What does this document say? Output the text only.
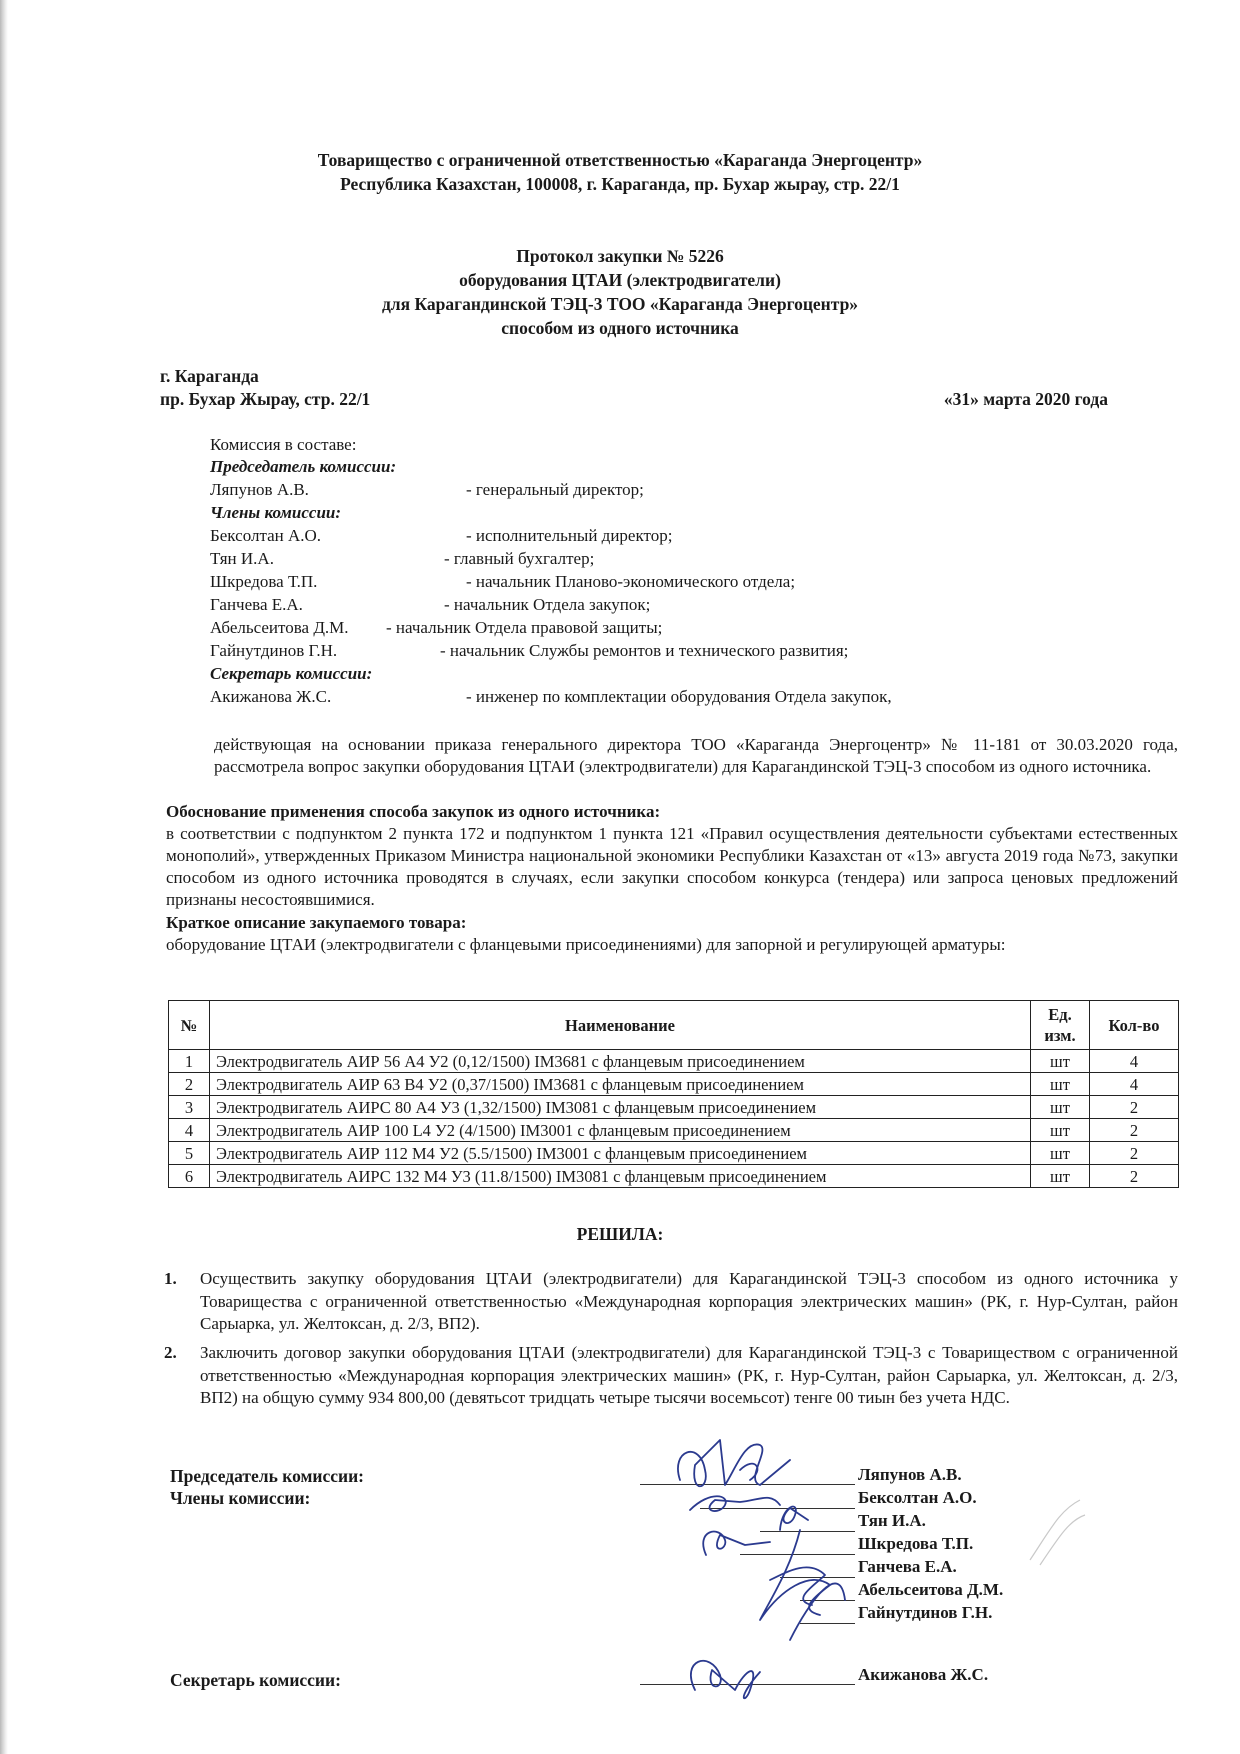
Товарищество с ограниченной ответственностью «Караганда Энергоцентр»
Республика Казахстан, 100008, г. Караганда, пр. Бухар жырау, стр. 22/1
Протокол закупки № 5226
оборудования ЦТАИ (электродвигатели)
для Карагандинской ТЭЦ-3 ТОО «Караганда Энергоцентр»
способом из одного источника
г. Караганда
пр. Бухар Жырау, стр. 22/1	«31» марта 2020 года
Комиссия в составе:
Председатель комиссии:
Ляпунов А.В.	- генеральный директор;
Члены комиссии:
Бексолтан А.О.	- исполнительный директор;
Тян И.А.	- главный бухгалтер;
Шкредова Т.П.	- начальник Планово-экономического отдела;
Ганчева Е.А.	- начальник Отдела закупок;
Абельсеитова Д.М. - начальник Отдела правовой защиты;
Гайнутдинов Г.Н.	- начальник Службы ремонтов и технического развития;
Секретарь комиссии:
Акижанова Ж.С.	- инженер по комплектации оборудования Отдела закупок,
действующая на основании приказа генерального директора ТОО «Караганда Энергоцентр» № 11-181 от 30.03.2020 года, рассмотрела вопрос закупки оборудования ЦТАИ (электродвигатели) для Карагандинской ТЭЦ-3 способом из одного источника.
Обоснование применения способа закупок из одного источника:
в соответствии с подпунктом 2 пункта 172 и подпунктом 1 пункта 121 «Правил осуществления деятельности субъектами естественных монополий», утвержденных Приказом Министра национальной экономики Республики Казахстан от «13» августа 2019 года №73, закупки способом из одного источника проводятся в случаях, если закупки способом конкурса (тендера) или запроса ценовых предложений признаны несостоявшимися.
Краткое описание закупаемого товара:
оборудование ЦТАИ (электродвигатели с фланцевыми присоединениями) для запорной и регулирующей арматуры:
№	Наименование	Ед. изм.	Кол-во
1	Электродвигатель АИР 56 А4 У2 (0,12/1500) IM3681 с фланцевым присоединением	шт	4
2	Электродвигатель АИР 63 В4 У2 (0,37/1500) IM3681 с фланцевым присоединением	шт	4
3	Электродвигатель АИРС 80 А4 У3 (1,32/1500) IM3081 с фланцевым присоединением	шт	2
4	Электродвигатель АИР 100 L4 У2 (4/1500) IM3001 с фланцевым присоединением	шт	2
5	Электродвигатель АИР 112 М4 У2 (5.5/1500) IM3001 с фланцевым присоединением	шт	2
6	Электродвигатель АИРС 132 М4 У3 (11.8/1500) IM3081 с фланцевым присоединением	шт	2
РЕШИЛА:
1. Осуществить закупку оборудования ЦТАИ (электродвигатели) для Карагандинской ТЭЦ-3 способом из одного источника у Товарищества с ограниченной ответственностью «Международная корпорация электрических машин» (РК, г. Нур-Султан, район Сарыарка, ул. Желтоксан, д. 2/3, ВП2).
2. Заключить договор закупки оборудования ЦТАИ (электродвигатели) для Карагандинской ТЭЦ-3 с Товариществом с ограниченной ответственностью «Международная корпорация электрических машин» (РК, г. Нур-Султан, район Сарыарка, ул. Желтоксан, д. 2/3, ВП2) на общую сумму 934 800,00 (девятьсот тридцать четыре тысячи восемьсот) тенге 00 тиын без учета НДС.
Председатель комиссии:
Члены комиссии:
Секретарь комиссии:
Ляпунов А.В.
Бексолтан А.О.
Тян И.А.
Шкредова Т.П.
Ганчева Е.А.
Абельсеитова Д.М.
Гайнутдинов Г.Н.
Акижанова Ж.С.
